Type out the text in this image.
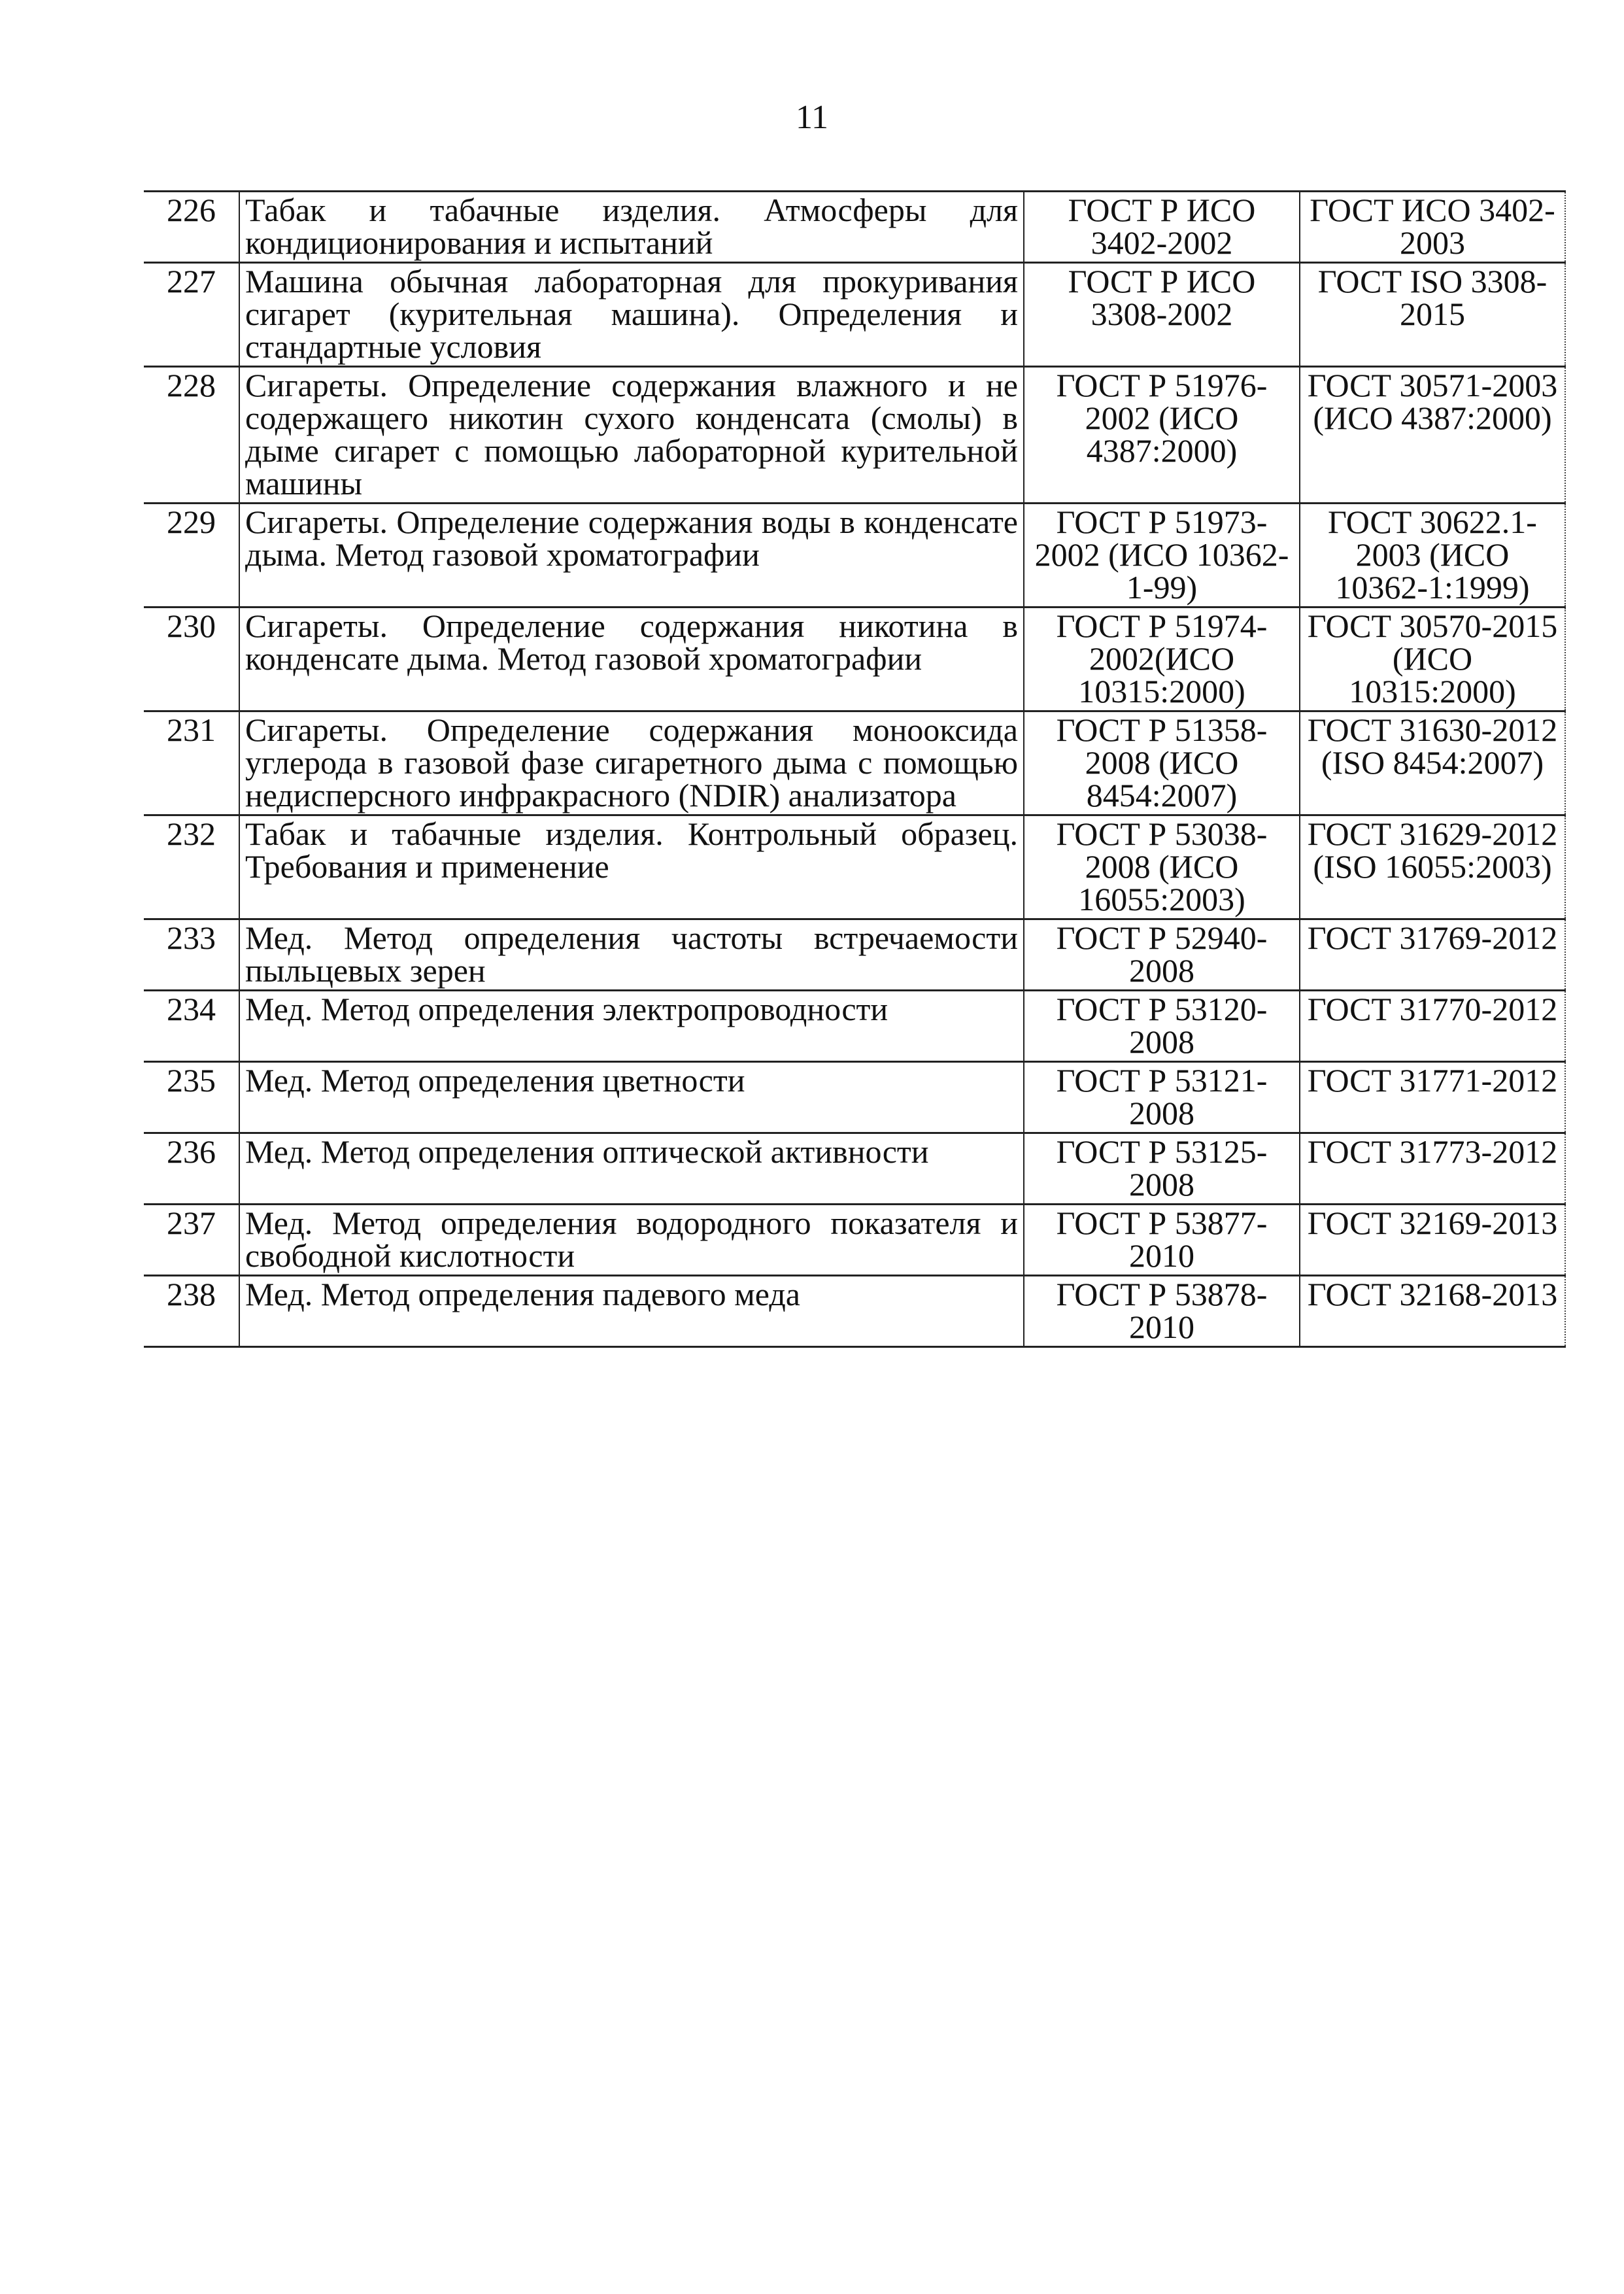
11
226	Табак и табачные изделия. Атмосферы для кондиционирования и испытаний	ГОСТ Р ИСО 3402-2002	ГОСТ ИСО 3402-2003
227	Машина обычная лабораторная для прокуривания сигарет (курительная машина). Определения и стандартные условия	ГОСТ Р ИСО 3308-2002	ГОСТ ISO 3308-2015
228	Сигареты. Определение содержания влажного и не содержащего никотин сухого конденсата (смолы) в дыме сигарет с помощью лабораторной курительной машины	ГОСТ Р 51976-2002 (ИСО 4387:2000)	ГОСТ 30571-2003 (ИСО 4387:2000)
229	Сигареты. Определение содержания воды в конденсате дыма. Метод газовой хроматографии	ГОСТ Р 51973-2002 (ИСО 10362-1-99)	ГОСТ 30622.1-2003 (ИСО 10362-1:1999)
230	Сигареты. Определение содержания никотина в конденсате дыма. Метод газовой хроматографии	ГОСТ Р 51974-2002(ИСО 10315:2000)	ГОСТ 30570-2015 (ИСО 10315:2000)
231	Сигареты. Определение содержания монооксида углерода в газовой фазе сигаретного дыма с помощью недисперсного инфракрасного (NDIR) анализатора	ГОСТ Р 51358-2008 (ИСО 8454:2007)	ГОСТ 31630-2012 (ISO 8454:2007)
232	Табак и табачные изделия. Контрольный образец. Требования и применение	ГОСТ Р 53038-2008 (ИСО 16055:2003)	ГОСТ 31629-2012 (ISO 16055:2003)
233	Мед. Метод определения частоты встречаемости пыльцевых зерен	ГОСТ Р 52940-2008	ГОСТ 31769-2012
234	Мед. Метод определения электропроводности	ГОСТ Р 53120-2008	ГОСТ 31770-2012
235	Мед. Метод определения цветности	ГОСТ Р 53121-2008	ГОСТ 31771-2012
236	Мед. Метод определения оптической активности	ГОСТ Р 53125-2008	ГОСТ 31773-2012
237	Мед. Метод определения водородного показателя и свободной кислотности	ГОСТ Р 53877-2010	ГОСТ 32169-2013
238	Мед. Метод определения падевого меда	ГОСТ Р 53878-2010	ГОСТ 32168-2013
